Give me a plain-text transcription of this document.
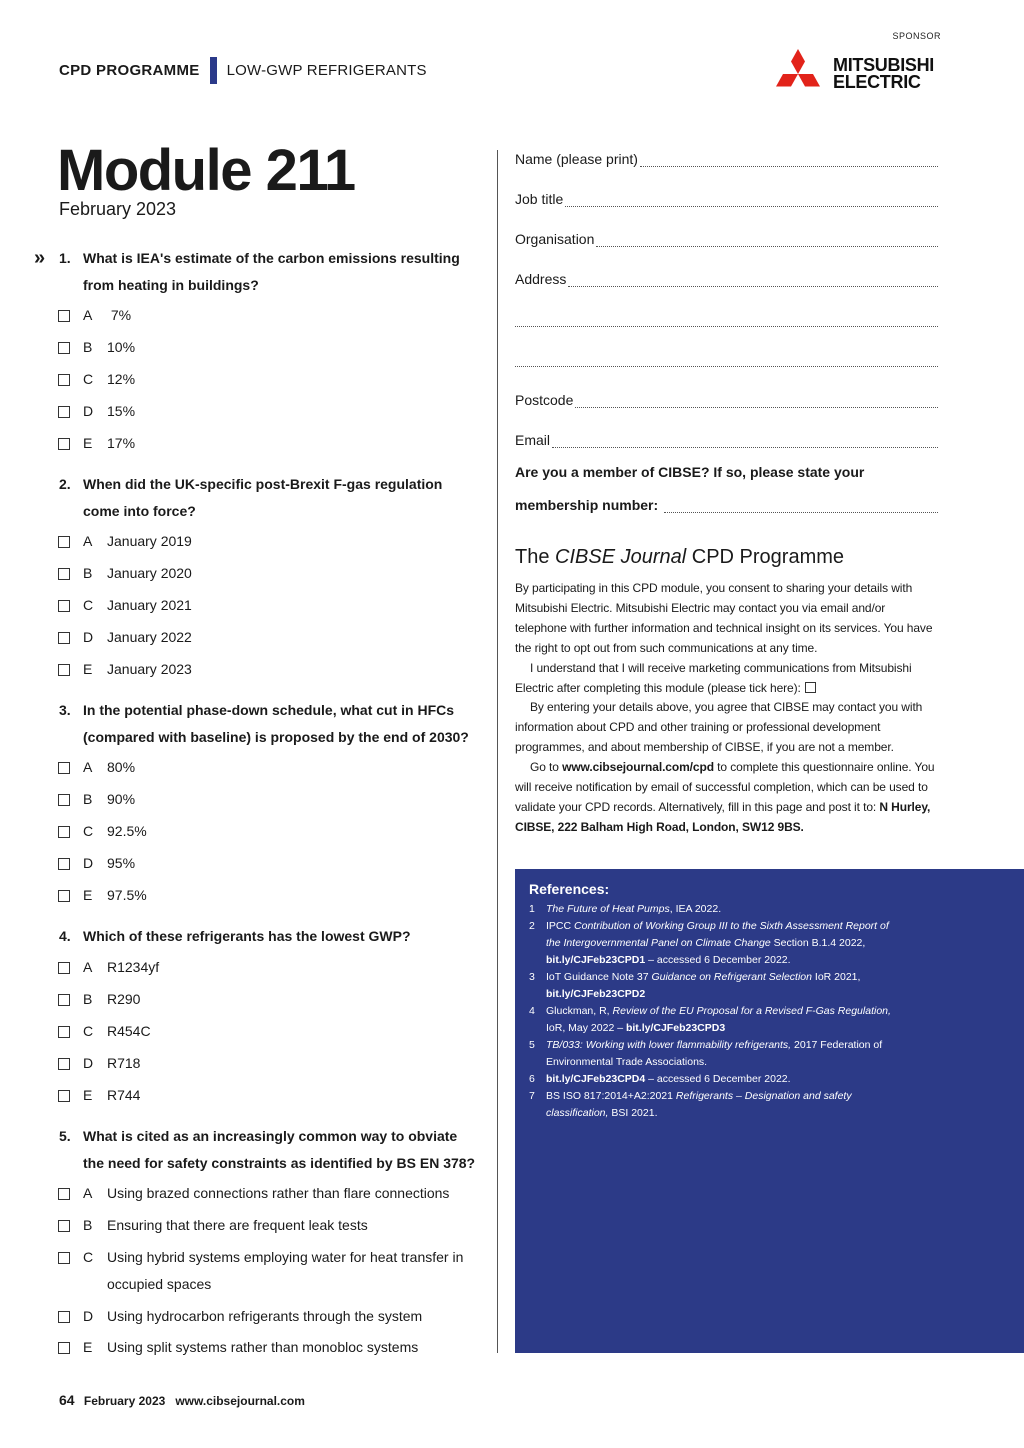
SPONSOR
CPD PROGRAMME LOW-GWP REFRIGERANTS	MITSUBISHI
ELECTRIC
Module 211
February 2023
» 1. What is IEA's estimate of the carbon emissions resulting from heating in buildings?
A 7%
B 10%
C 12%
D 15%
E 17%
2. When did the UK-specific post-Brexit F-gas regulation come into force?
A January 2019
B January 2020
C January 2021
D January 2022
E January 2023
3. In the potential phase-down schedule, what cut in HFCs (compared with baseline) is proposed by the end of 2030?
A 80%
B 90%
C 92.5%
D 95%
E 97.5%
4. Which of these refrigerants has the lowest GWP?
A R1234yf
B R290
C R454C
D R718
E R744
5. What is cited as an increasingly common way to obviate the need for safety constraints as identified by BS EN 378?
A Using brazed connections rather than flare connections
B Ensuring that there are frequent leak tests
C Using hybrid systems employing water for heat transfer in occupied spaces
D Using hydrocarbon refrigerants through the system
E Using split systems rather than monobloc systems
Name (please print)
Job title
Organisation
Address
Postcode
Email
Are you a member of CIBSE? If so, please state your
membership number:
The CIBSE Journal CPD Programme

By participating in this CPD module, you consent to sharing your details with Mitsubishi Electric. Mitsubishi Electric may contact you via email and/or telephone with further information and technical insight on its services. You have the right to opt out from such communications at any time.

I understand that I will receive marketing communications from Mitsubishi Electric after completing this module (please tick here):

By entering your details above, you agree that CIBSE may contact you with information about CPD and other training or professional development programmes, and about membership of CIBSE, if you are not a member.

Go to www.cibsejournal.com/cpd to complete this questionnaire online. You will receive notification by email of successful completion, which can be used to validate your CPD records. Alternatively, fill in this page and post it to: N Hurley, CIBSE, 222 Balham High Road, London, SW12 9BS.

References:
1	The Future of Heat Pumps, IEA 2022.
2	IPCC Contribution of Working Group III to the Sixth Assessment Report of the Intergovernmental Panel on Climate Change Section B.1.4 2022, bit.ly/CJFeb23CPD1 – accessed 6 December 2022.
3	IoT Guidance Note 37 Guidance on Refrigerant Selection IoR 2021, bit.ly/CJFeb23CPD2
4	Gluckman, R, Review of the EU Proposal for a Revised F-Gas Regulation, IoR, May 2022 – bit.ly/CJFeb23CPD3
5	TB/033: Working with lower flammability refrigerants, 2017 Federation of Environmental Trade Associations.
6	bit.ly/CJFeb23CPD4 – accessed 6 December 2022.
7	BS ISO 817:2014+A2:2021 Refrigerants – Designation and safety classification, BSI 2021.
64 February 2023 www.cibsejournal.com
